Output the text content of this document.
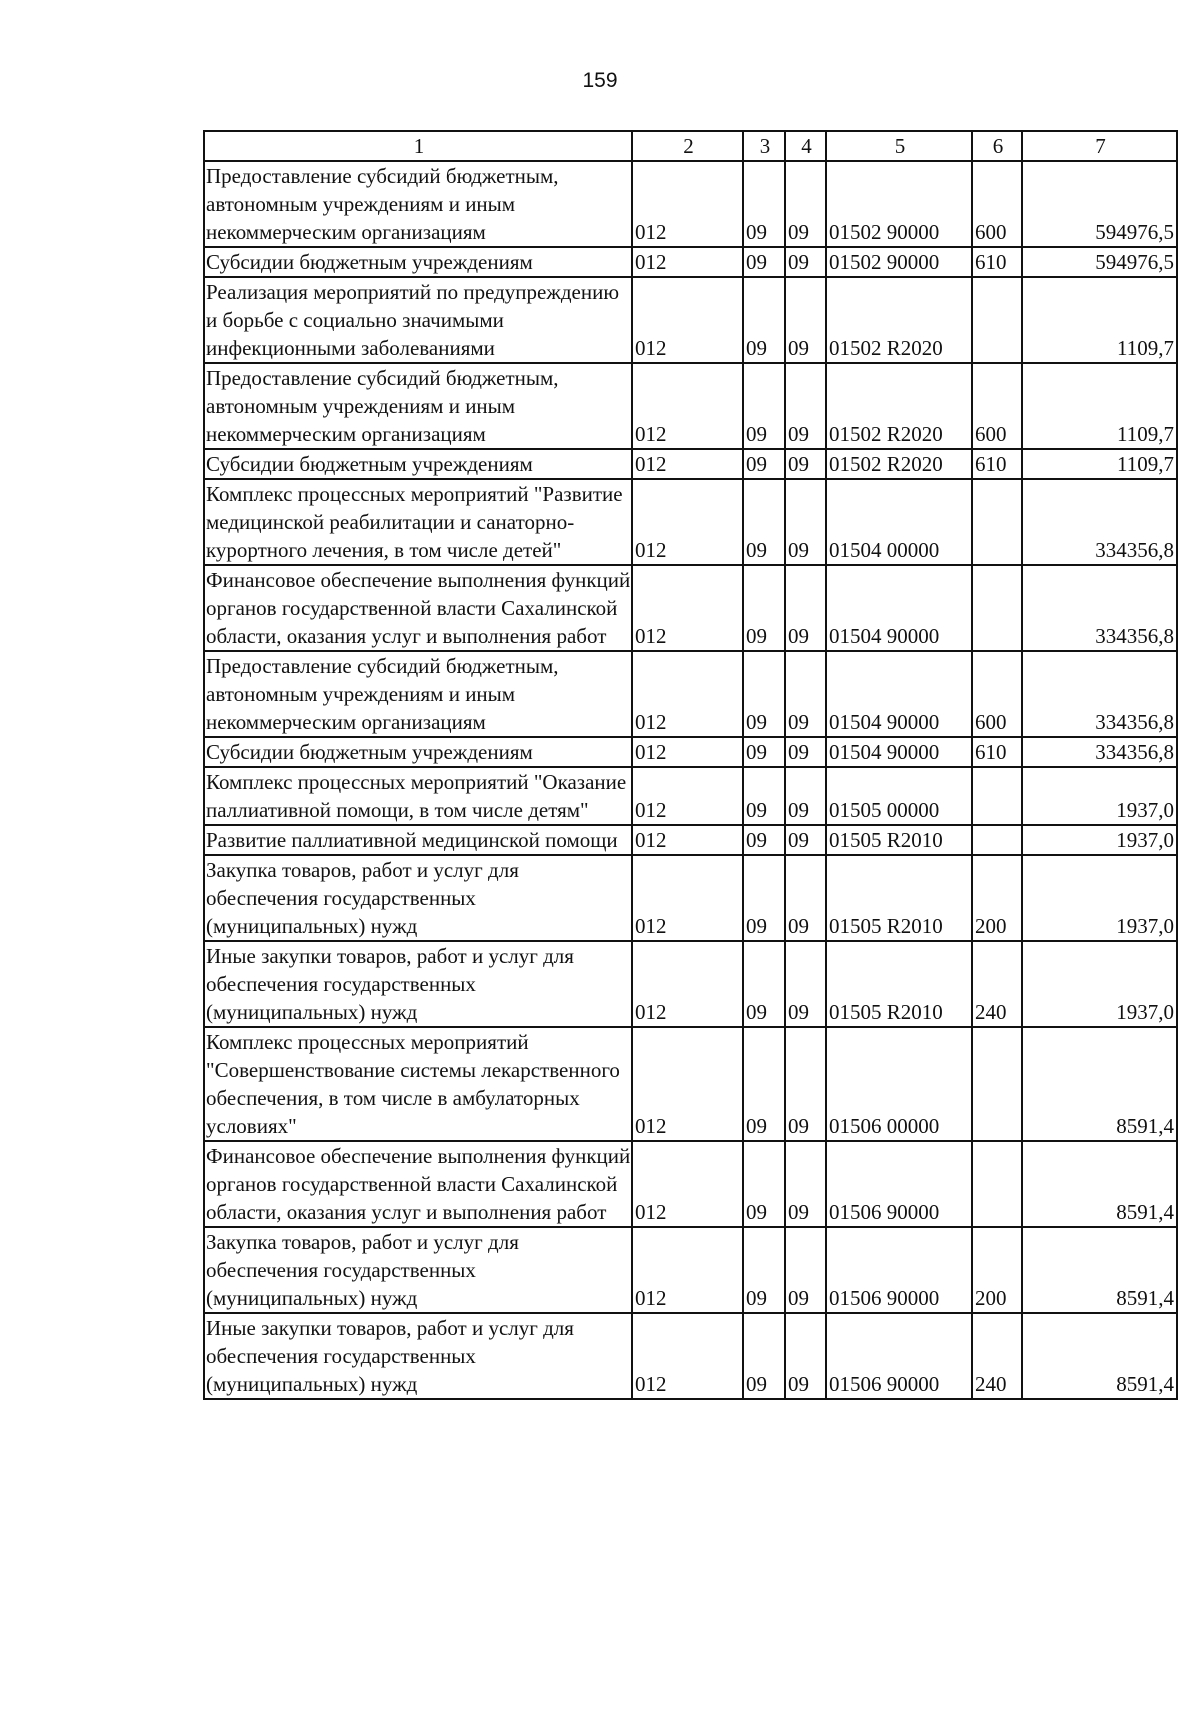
159
1	2	3	4	5	6	7
Предоставление субсидий бюджетным, автономным учреждениям и иным некоммерческим организациям	012	09	09	01502 90000	600	594976,5
Субсидии бюджетным учреждениям	012	09	09	01502 90000	610	594976,5
Реализация мероприятий по предупреждению и борьбе с социально значимыми инфекционными заболеваниями	012	09	09	01502 R2020		1109,7
Предоставление субсидий бюджетным, автономным учреждениям и иным некоммерческим организациям	012	09	09	01502 R2020	600	1109,7
Субсидии бюджетным учреждениям	012	09	09	01502 R2020	610	1109,7
Комплекс процессных мероприятий "Развитие медицинской реабилитации и санаторно-курортного лечения, в том числе детей"	012	09	09	01504 00000		334356,8
Финансовое обеспечение выполнения функций органов государственной власти Сахалинской области, оказания услуг и выполнения работ	012	09	09	01504 90000		334356,8
Предоставление субсидий бюджетным, автономным учреждениям и иным некоммерческим организациям	012	09	09	01504 90000	600	334356,8
Субсидии бюджетным учреждениям	012	09	09	01504 90000	610	334356,8
Комплекс процессных мероприятий "Оказание паллиативной помощи, в том числе детям"	012	09	09	01505 00000		1937,0
Развитие паллиативной медицинской помощи	012	09	09	01505 R2010		1937,0
Закупка товаров, работ и услуг для обеспечения государственных (муниципальных) нужд	012	09	09	01505 R2010	200	1937,0
Иные закупки товаров, работ и услуг для обеспечения государственных (муниципальных) нужд	012	09	09	01505 R2010	240	1937,0
Комплекс процессных мероприятий "Совершенствование системы лекарственного обеспечения, в том числе в амбулаторных условиях"	012	09	09	01506 00000		8591,4
Финансовое обеспечение выполнения функций органов государственной власти Сахалинской области, оказания услуг и выполнения работ	012	09	09	01506 90000		8591,4
Закупка товаров, работ и услуг для обеспечения государственных (муниципальных) нужд	012	09	09	01506 90000	200	8591,4
Иные закупки товаров, работ и услуг для обеспечения государственных (муниципальных) нужд	012	09	09	01506 90000	240	8591,4
